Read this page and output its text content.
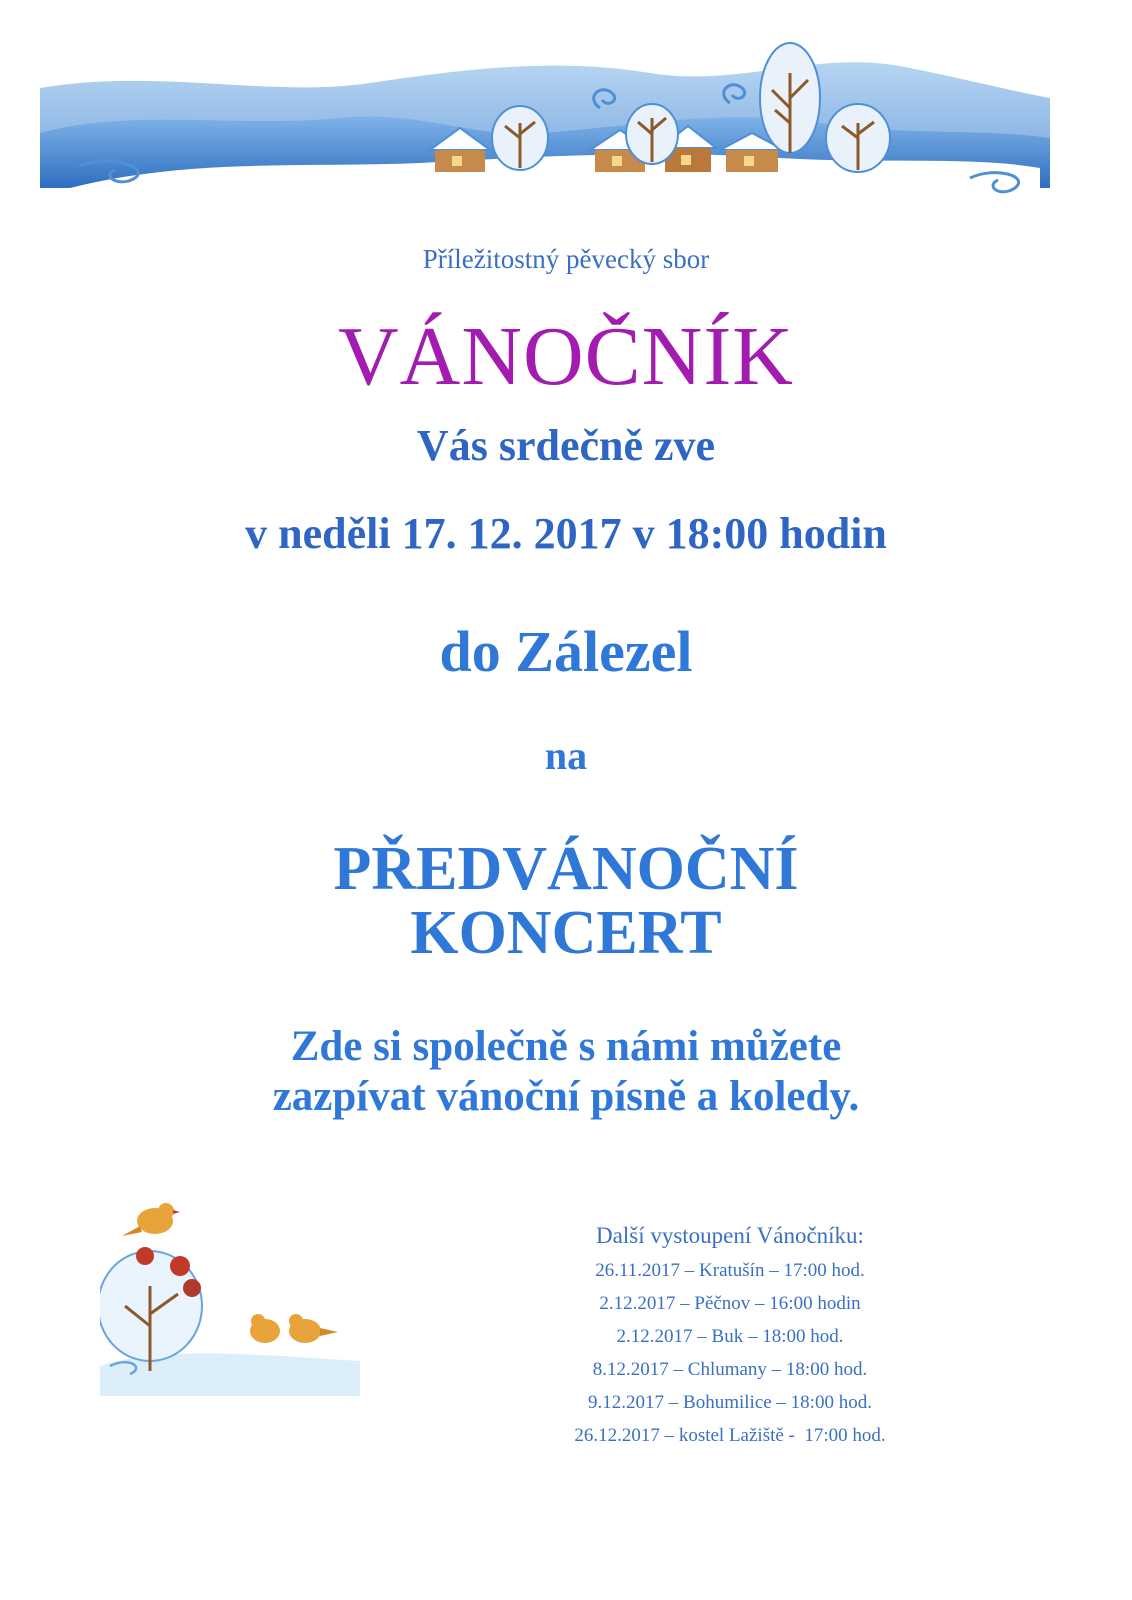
Příležitostný pěvecký sbor
VÁNOČNÍK
Vás srdečně zve
v neděli 17. 12. 2017 v 18:00 hodin
do Zálezel
na
PŘEDVÁNOČNÍ
KONCERT
Zde si společně s námi můžete
zazpívat vánoční písně a koledy.
Další vystoupení Vánočníku:
26.11.2017 – Kratušín – 17:00 hod.
2.12.2017 – Pěčnov – 16:00 hodin
2.12.2017 – Buk – 18:00 hod.
8.12.2017 – Chlumany – 18:00 hod.
9.12.2017 – Bohumilice – 18:00 hod.
26.12.2017 – kostel Lažiště -  17:00 hod.
